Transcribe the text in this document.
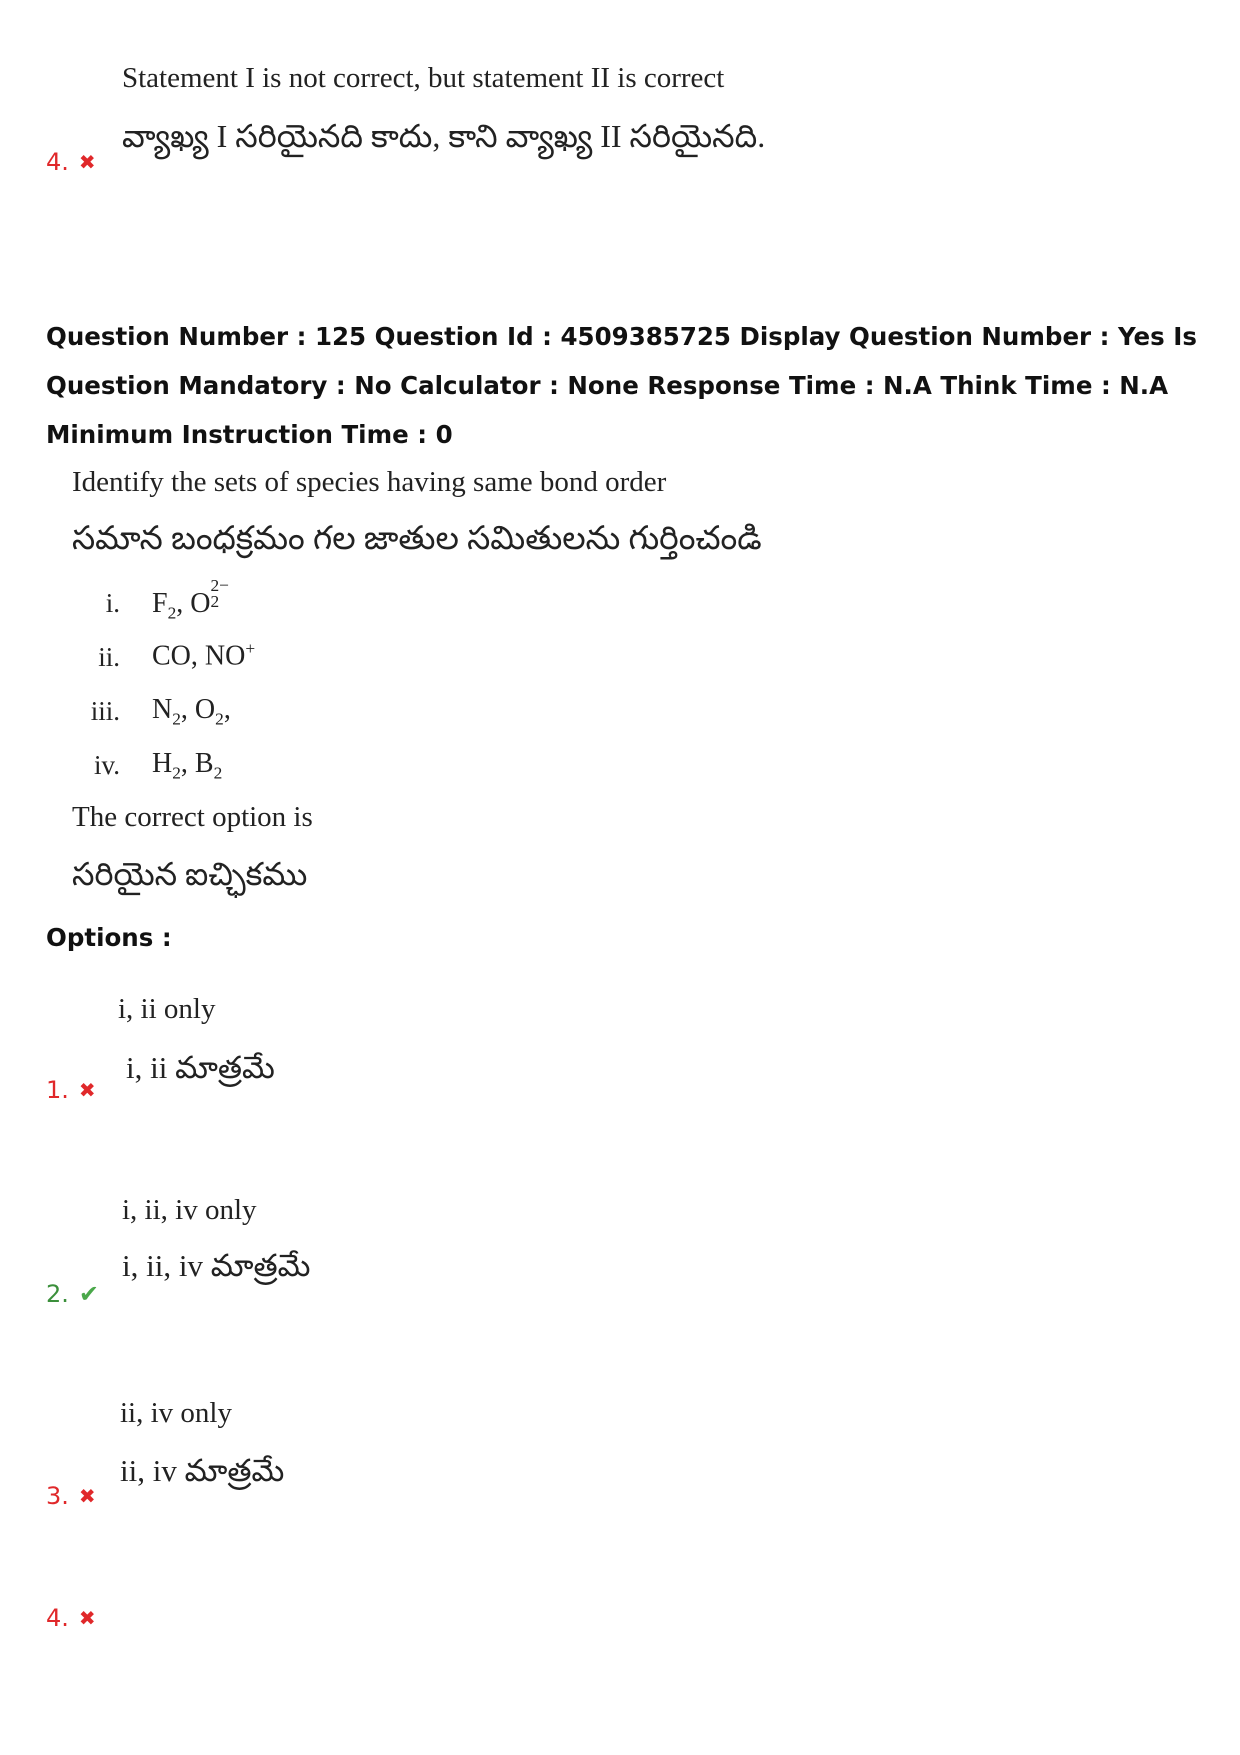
Statement I is not correct, but statement II is correct
వ్యాఖ్య I సరియైనది కాదు, కాని వ్యాఖ్య II సరియైనది.
4. ✖
Question Number : 125 Question Id : 4509385725 Display Question Number : Yes Is Question Mandatory : No Calculator : None Response Time : N.A Think Time : N.A Minimum Instruction Time : 0
Identify the sets of species having same bond order
సమాన బంధక్రమం గల జాతుల సమితులను గుర్తించండి
i. $F_2$, O
2−
2
ii. CO, NO+
iii. $N_2$, $O_2$,
iv. $H_2$, $B_2$
The correct option is
సరియైన ఐచ్ఛికము
Options :
i, ii only
i, ii మాత్రమే
1. ✖
i, ii, iv only
i, ii, iv మాత్రమే
2. ✔
ii, iv only
ii, iv మాత్రమే
3. ✖
4. ✖
